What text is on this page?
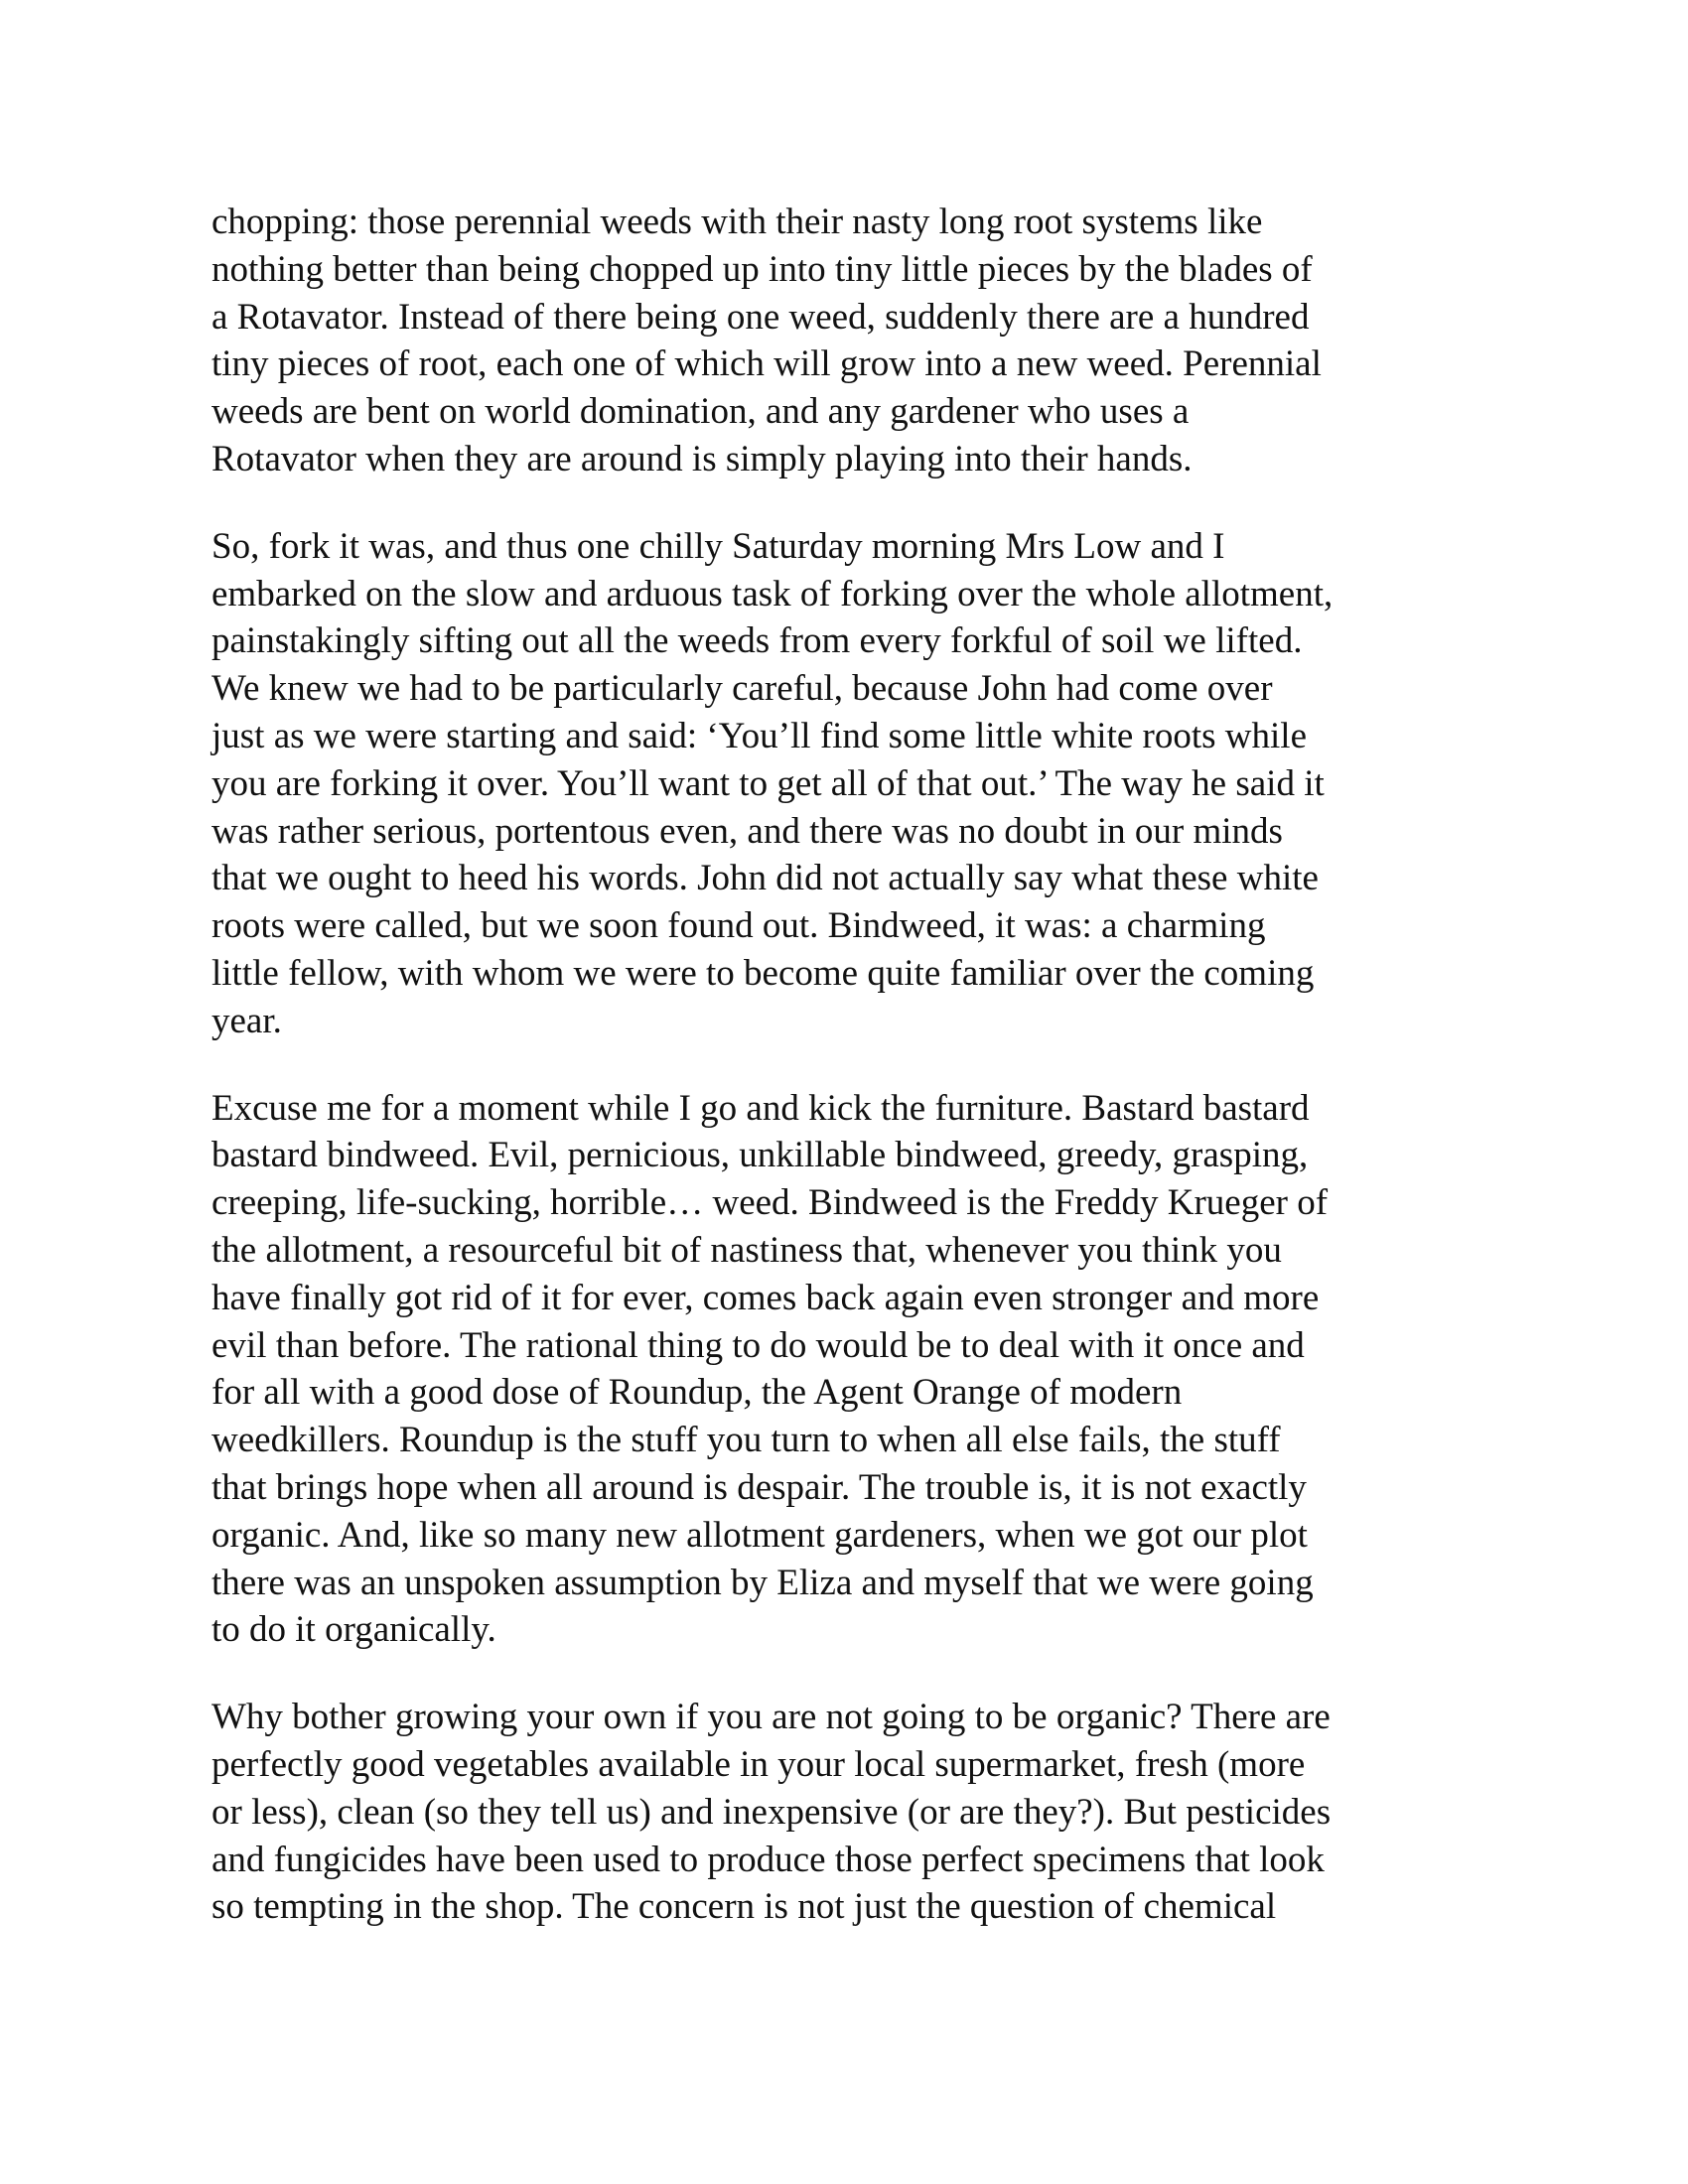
chopping: those perennial weeds with their nasty long root systems like
nothing better than being chopped up into tiny little pieces by the blades of
a Rotavator. Instead of there being one weed, suddenly there are a hundred
tiny pieces of root, each one of which will grow into a new weed. Perennial
weeds are bent on world domination, and any gardener who uses a
Rotavator when they are around is simply playing into their hands.

So, fork it was, and thus one chilly Saturday morning Mrs Low and I
embarked on the slow and arduous task of forking over the whole allotment,
painstakingly sifting out all the weeds from every forkful of soil we lifted.
We knew we had to be particularly careful, because John had come over
just as we were starting and said: ‘You’ll find some little white roots while
you are forking it over. You’ll want to get all of that out.’ The way he said it
was rather serious, portentous even, and there was no doubt in our minds
that we ought to heed his words. John did not actually say what these white
roots were called, but we soon found out. Bindweed, it was: a charming
little fellow, with whom we were to become quite familiar over the coming
year.

Excuse me for a moment while I go and kick the furniture. Bastard bastard
bastard bindweed. Evil, pernicious, unkillable bindweed, greedy, grasping,
creeping, life-sucking, horrible… weed. Bindweed is the Freddy Krueger of
the allotment, a resourceful bit of nastiness that, whenever you think you
have finally got rid of it for ever, comes back again even stronger and more
evil than before. The rational thing to do would be to deal with it once and
for all with a good dose of Roundup, the Agent Orange of modern
weedkillers. Roundup is the stuff you turn to when all else fails, the stuff
that brings hope when all around is despair. The trouble is, it is not exactly
organic. And, like so many new allotment gardeners, when we got our plot
there was an unspoken assumption by Eliza and myself that we were going
to do it organically.

Why bother growing your own if you are not going to be organic? There are
perfectly good vegetables available in your local supermarket, fresh (more
or less), clean (so they tell us) and inexpensive (or are they?). But pesticides
and fungicides have been used to produce those perfect specimens that look
so tempting in the shop. The concern is not just the question of chemical
